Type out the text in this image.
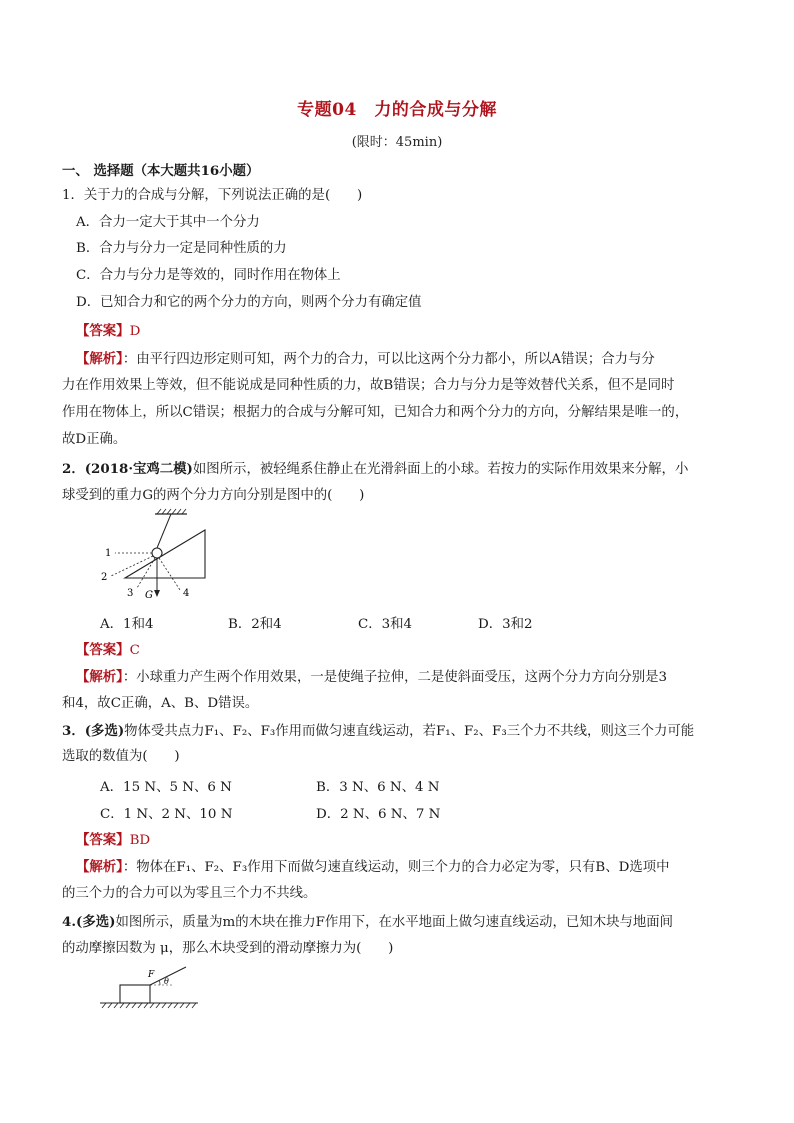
专题04　力的合成与分解
(限时：45min)
一、 选择题（本大题共16小题）
1．关于力的合成与分解，下列说法正确的是(　　)
A．合力一定大于其中一个分力
B．合力与分力一定是同种性质的力
C．合力与分力是等效的，同时作用在物体上
D．已知合力和它的两个分力的方向，则两个分力有确定值
【答案】D
【解析】：由平行四边形定则可知，两个力的合力，可以比这两个分力都小，所以A错误；合力与分
力在作用效果上等效，但不能说成是同种性质的力，故B错误；合力与分力是等效替代关系，但不是同时
作用在物体上，所以C错误；根据力的合成与分解可知，已知合力和两个分力的方向，分解结果是唯一的，
故D正确。
2．(2018·宝鸡二模)如图所示，被轻绳系住静止在光滑斜面上的小球。若按力的实际作用效果来分解，小
球受到的重力G的两个分力方向分别是图中的(　　)
1
2
3	4
G
A．1和4	B．2和4	C．3和4	D．3和2
【答案】C
【解析】：小球重力产生两个作用效果，一是使绳子拉伸，二是使斜面受压，这两个分力方向分别是3
和4，故C正确，A、B、D错误。
3．(多选)物体受共点力F₁、F₂、F₃作用而做匀速直线运动，若F₁、F₂、F₃三个力不共线，则这三个力可能
选取的数值为(　　)
A．15 N、5 N、6 N	B．3 N、6 N、4 N
C．1 N、2 N、10 N	D．2 N、6 N、7 N
【答案】BD
【解析】：物体在F₁、F₂、F₃作用下而做匀速直线运动，则三个力的合力必定为零，只有B、D选项中
的三个力的合力可以为零且三个力不共线。
4.(多选)如图所示，质量为m的木块在推力F作用下，在水平地面上做匀速直线运动，已知木块与地面间
的动摩擦因数为 μ，那么木块受到的滑动摩擦力为(　　)
F
θ
